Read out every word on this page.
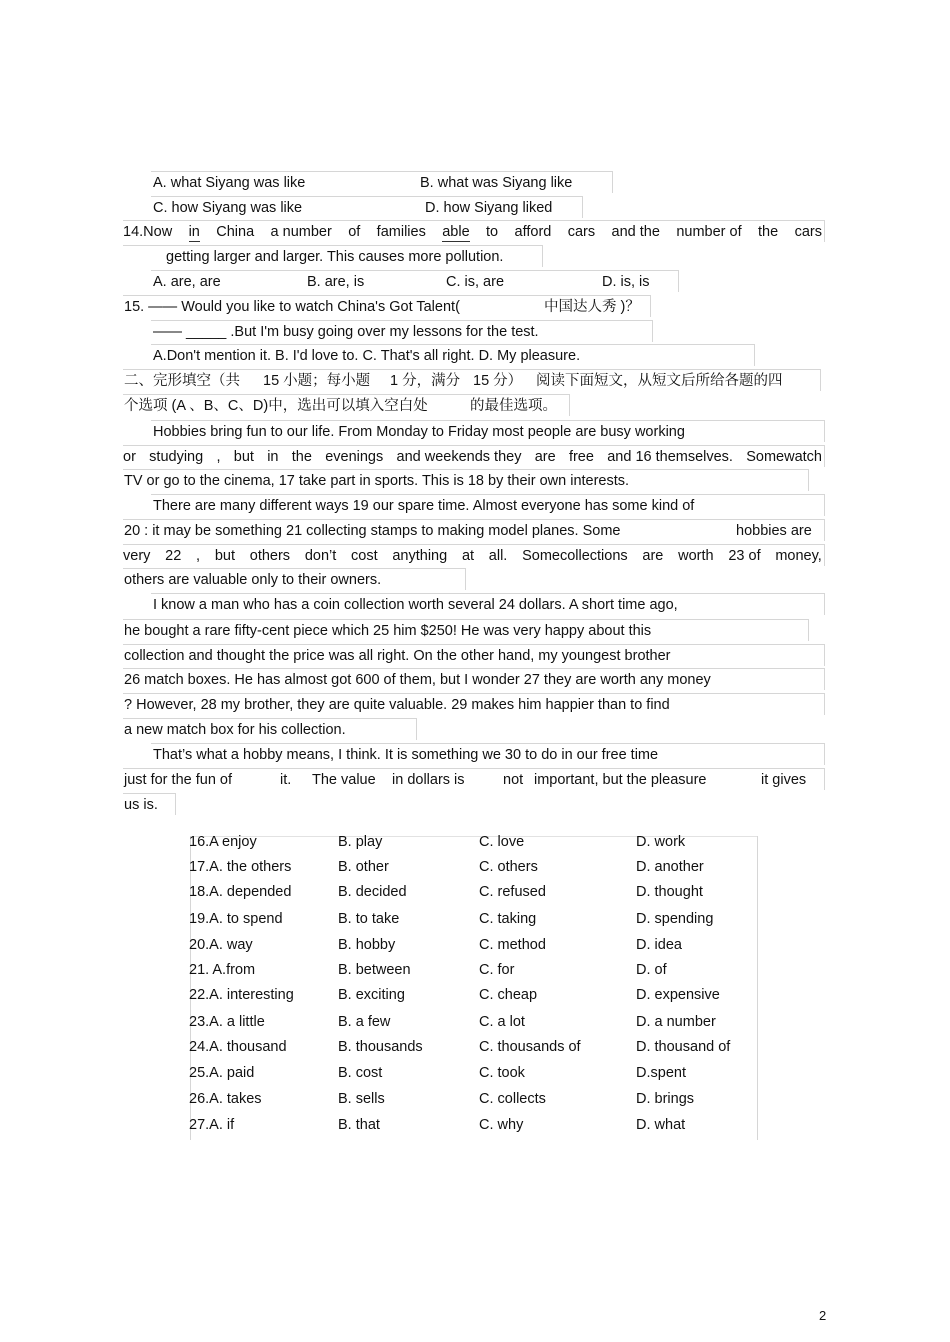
A. what Siyang was like	B. what was Siyang like
C. how Siyang was like	D. how Siyang liked
14.Now in China a number of families able to afford cars and the number of the cars
getting larger and larger. This causes more pollution.
A. are, are	B. are, is	C. is, are	D. is, is
15. —— Would you like to watch China's Got Talent(	中国达人秀 )？
—— _____ .But I'm busy going over my lessons for the test.
A.Don't mention it. B. I'd love to. C. That's all right. D. My pleasure.
二、完形填空（共 15 小题；每小题 1 分，满分 15 分） 阅读下面短文，从短文后所给各题的四
个选项 (A 、B、C、D)中，选出可以填入空白处	的最佳选项。
Hobbies bring fun to our life. From Monday to Friday most people are busy working
or studying , but in the evenings and weekends they are free and 16 themselves. Somewatch
TV or go to the cinema, 17 take part in sports. This is 18 by their own interests.
There are many different ways 19 our spare time. Almost everyone has some kind of
20 : it may be something 21 collecting stamps to making model planes. Some	hobbies are
very 22 , but others don’t cost anything at all. Somecollections are worth 23 of money,
others are valuable only to their owners.
I know a man who has a coin collection worth several 24 dollars. A short time ago,
he bought a rare fifty-cent piece which 25 him $250! He was very happy about this
collection and thought the price was all right. On the other hand, my youngest brother
26 match boxes. He has almost got 600 of them, but I wonder 27 they are worth any money
? However, 28 my brother, they are quite valuable. 29 makes him happier than to find
a new match box for his collection.
That’s what a hobby means, I think. It is something we 30 to do in our free time
just for the fun of	it. The value in dollars is	not important, but the pleasure	it gives
us is.
16.A enjoy	B. play	C. love	D. work
17.A. the others	B. other	C. others	D. another
18.A. depended	B. decided	C. refused	D. thought
19.A. to spend	B. to take	C. taking	D. spending
20.A. way	B. hobby	C. method	D. idea
21. A.from	B. between	C. for	D. of
22.A. interesting	B. exciting	C. cheap	D. expensive
23.A. a little	B. a few	C. a lot	D. a number
24.A. thousand	B. thousands	C. thousands of	D. thousand of
25.A. paid	B. cost	C. took	D.spent
26.A. takes	B. sells	C. collects	D. brings
27.A. if	B. that	C. why	D. what
2
